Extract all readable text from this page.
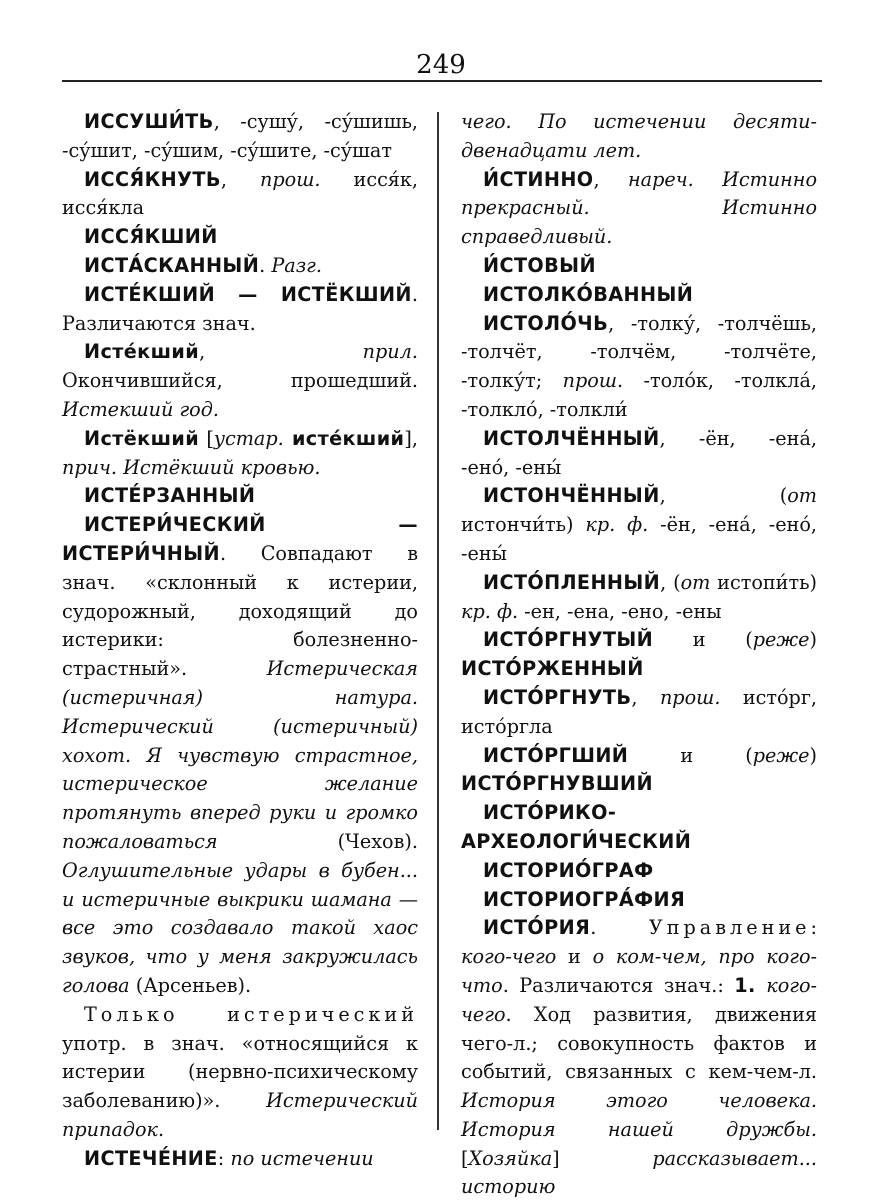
249

ИССУШИ́ТЬ, -сушу́, -су́шишь, -су́шит, -су́шим, -су́шите, -су́шат

ИССЯ́КНУТЬ, прош. исся́к, исся́кла

ИССЯ́КШИЙ

ИСТА́СКАННЫЙ. Разг.

ИСТЕ́КШИЙ — ИСТЁКШИЙ. Различаются знач.

Исте́кший, прил. Окончившийся, прошедший. Истекший год.

Истёкший [устар. исте́кший], прич. Истёкший кровью.

ИСТЕ́РЗАННЫЙ

ИСТЕРИ́ЧЕСКИЙ — ИСТЕРИ́ЧНЫЙ. Совпадают в знач. «склонный к истерии, судорожный, доходящий до истерики: болезненно-страстный». Истерическая (истеричная) натура. Истерический (истеричный) хохот. Я чувствую страстное, истерическое желание протянуть вперед руки и громко пожаловаться (Чехов). Оглушительные удары в бубен... и истеричные выкрики шамана — все это создавало такой хаос звуков, что у меня закружилась голова (Арсеньев).

Только истерический употр. в знач. «относящийся к истерии (нервно-психическому заболеванию)». Истерический припадок.

ИСТЕЧЕ́НИЕ: по истечении

чего. По истечении десяти-двенадцати лет.

И́СТИННО, нареч. Истинно прекрасный. Истинно справедливый.

И́СТОВЫЙ

ИСТОЛКО́ВАННЫЙ

ИСТОЛО́ЧЬ, -толку́, -толчёшь, -толчёт, -толчём, -толчёте, -толку́т; прош. -толо́к, -толкла́, -толкло́, -толкли́

ИСТОЛЧЁННЫЙ, -ён, -ена́, -ено́, -ены́

ИСТОНЧЁННЫЙ, (от истончи́ть) кр. ф. -ён, -ена́, -ено́, -ены́

ИСТО́ПЛЕННЫЙ, (от истопи́ть) кр. ф. -ен, -ена, -ено, -ены

ИСТО́РГНУТЫЙ и (реже) ИСТО́РЖЕННЫЙ

ИСТО́РГНУТЬ, прош. исто́рг, исто́ргла

ИСТО́РГШИЙ и (реже) ИСТО́РГНУВШИЙ

ИСТО́РИКО-АРХЕОЛОГИ́ЧЕСКИЙ

ИСТОРИО́ГРАФ

ИСТОРИОГРА́ФИЯ

ИСТО́РИЯ. Управление: кого-чего и о ком-чем, про кого-что. Различаются знач.: 1. кого-чего. Ход развития, движения чего-л.; совокупность фактов и событий, связанных с кем-чем-л. История этого человека. История нашей дружбы. [Хозяйка] рассказывает... историю
